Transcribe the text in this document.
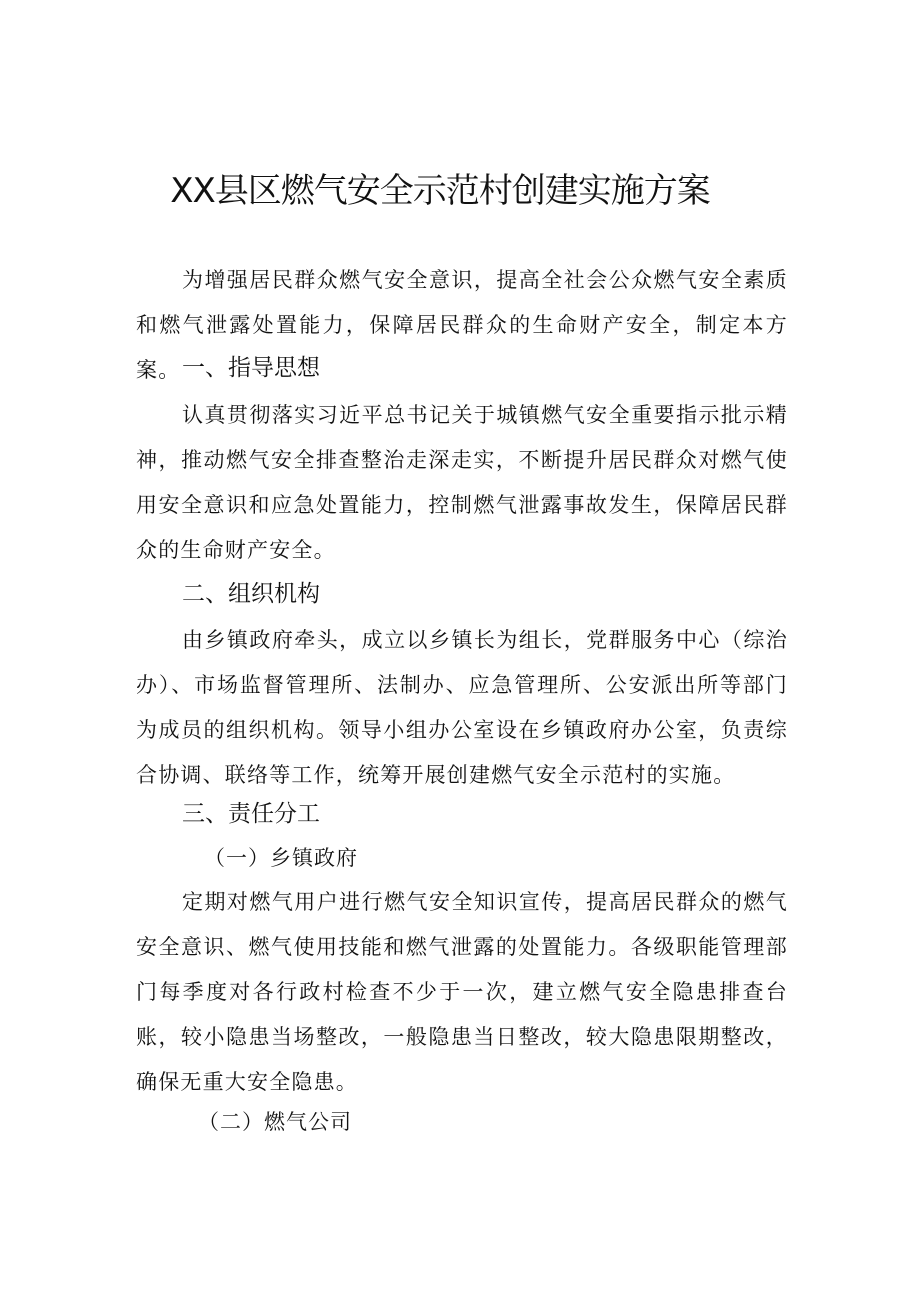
XX县区燃气安全示范村创建实施方案

为增强居民群众燃气安全意识，提高全社会公众燃气安全素质和燃气泄露处置能力，保障居民群众的生命财产安全，制定本方案。 一、指导思想

认真贯彻落实习近平总书记关于城镇燃气安全重要指示批示精神，推动燃气安全排查整治走深走实，不断提升居民群众对燃气使用安全意识和应急处置能力，控制燃气泄露事故发生，保障居民群众的生命财产安全。

二、组织机构

由乡镇政府牵头，成立以乡镇长为组长，党群服务中心（综治办）、市场监督管理所、法制办、应急管理所、公安派出所等部门为成员的组织机构。领导小组办公室设在乡镇政府办公室，负责综合协调、联络等工作，统筹开展创建燃气安全示范村的实施。

三、责任分工

（一）乡镇政府

定期对燃气用户进行燃气安全知识宣传，提高居民群众的燃气安全意识、燃气使用技能和燃气泄露的处置能力。各级职能管理部门每季度对各行政村检查不少于一次，建立燃气安全隐患排查台账，较小隐患当场整改，一般隐患当日整改，较大隐患限期整改，确保无重大安全隐患。

（二）燃气公司
